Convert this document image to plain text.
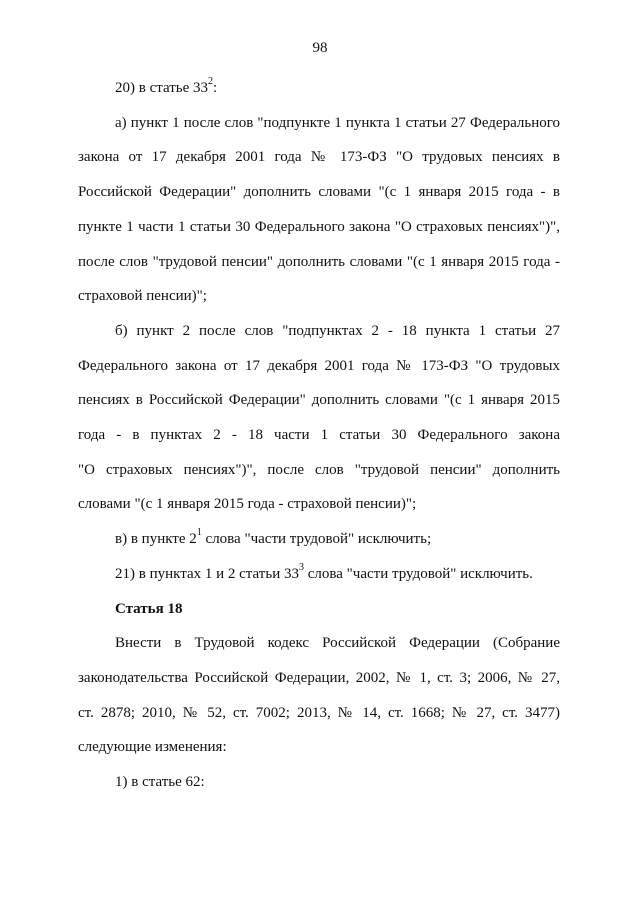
98
20) в статье $33^2$:
а) пункт 1 после слов "подпункте 1 пункта 1 статьи 27 Федерального
закона от 17 декабря 2001 года № 173-ФЗ "О трудовых пенсиях в
Российской Федерации" дополнить словами "(с 1 января 2015 года - в
пункте 1 части 1 статьи 30 Федерального закона "О страховых пенсиях")",
после слов "трудовой пенсии" дополнить словами "(с 1 января 2015 года -
страховой пенсии)";
б) пункт 2 после слов "подпунктах 2 - 18 пункта 1 статьи 27
Федерального закона от 17 декабря 2001 года № 173-ФЗ "О трудовых
пенсиях в Российской Федерации" дополнить словами "(с 1 января 2015
года - в пунктах 2 - 18 части 1 статьи 30 Федерального закона
"О страховых пенсиях")", после слов "трудовой пенсии" дополнить
словами "(с 1 января 2015 года - страховой пенсии)";
в) в пункте $2^1$ слова "части трудовой" исключить;
21) в пунктах 1 и 2 статьи $33^3$ слова "части трудовой" исключить.
Статья 18
Внести в Трудовой кодекс Российской Федерации (Собрание
законодательства Российской Федерации, 2002, № 1, ст. 3; 2006, № 27,
ст. 2878; 2010, № 52, ст. 7002; 2013, № 14, ст. 1668; № 27, ст. 3477)
следующие изменения:
1) в статье 62:
